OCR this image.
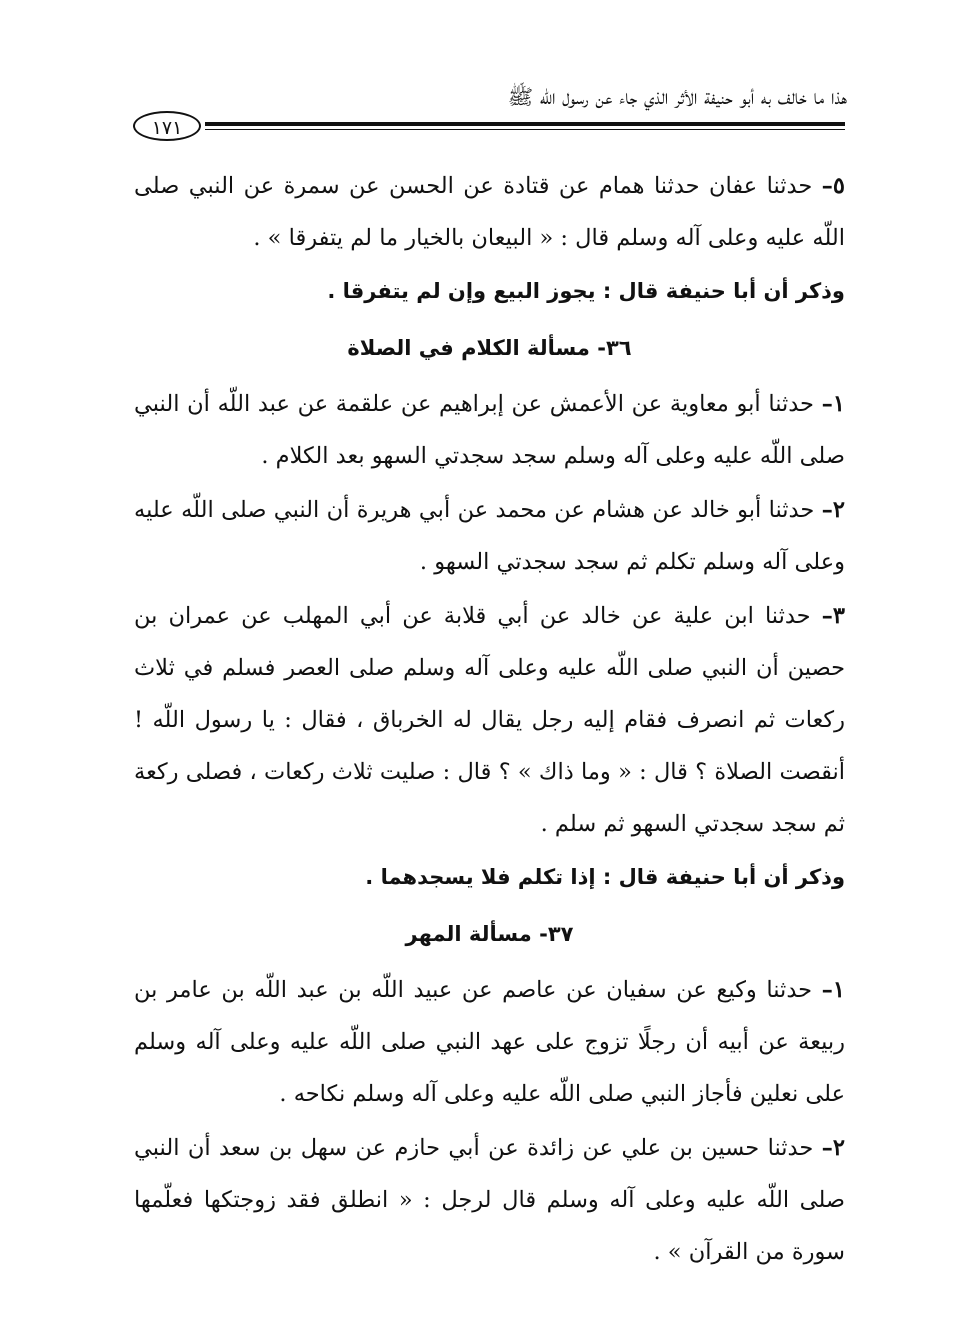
هذا ما خالف به أبو حنيفة الأثر الذي جاء عن رسول اللّه ﷺ
١٧١

٥– حدثنا عفان حدثنا همام عن قتادة عن الحسن عن سمرة عن النبي صلى اللّه عليه وعلى آله وسلم قال : « البيعان بالخيار ما لم يتفرقا » .

وذكر أن أبا حنيفة قال : يجوز البيع وإن لم يتفرقا .

٣٦- مسألة الكلام في الصلاة

١– حدثنا أبو معاوية عن الأعمش عن إبراهيم عن علقمة عن عبد اللّه أن النبي صلى اللّه عليه وعلى آله وسلم سجد سجدتي السهو بعد الكلام .

٢– حدثنا أبو خالد عن هشام عن محمد عن أبي هريرة أن النبي صلى اللّه عليه وعلى آله وسلم تكلم ثم سجد سجدتي السهو .

٣– حدثنا ابن علية عن خالد عن أبي قلابة عن أبي المهلب عن عمران بن حصين أن النبي صلى اللّه عليه وعلى آله وسلم صلى العصر فسلم في ثلاث ركعات ثم انصرف فقام إليه رجل يقال له الخرباق ، فقال : يا رسول اللّه ! أنقصت الصلاة ؟ قال : « وما ذاك » ؟ قال : صليت ثلاث ركعات ، فصلى ركعة ثم سجد سجدتي السهو ثم سلم .

وذكر أن أبا حنيفة قال : إذا تكلم فلا يسجدهما .

٣٧- مسألة المهر

١– حدثنا وكيع عن سفيان عن عاصم عن عبيد اللّه بن عبد اللّه بن عامر بن ربيعة عن أبيه أن رجلًا تزوج على عهد النبي صلى اللّه عليه وعلى آله وسلم على نعلين فأجاز النبي صلى اللّه عليه وعلى آله وسلم نكاحه .

٢– حدثنا حسين بن علي عن زائدة عن أبي حازم عن سهل بن سعد أن النبي صلى اللّه عليه وعلى آله وسلم قال لرجل : « انطلق فقد زوجتكها فعلّمها سورة من القرآن » .
